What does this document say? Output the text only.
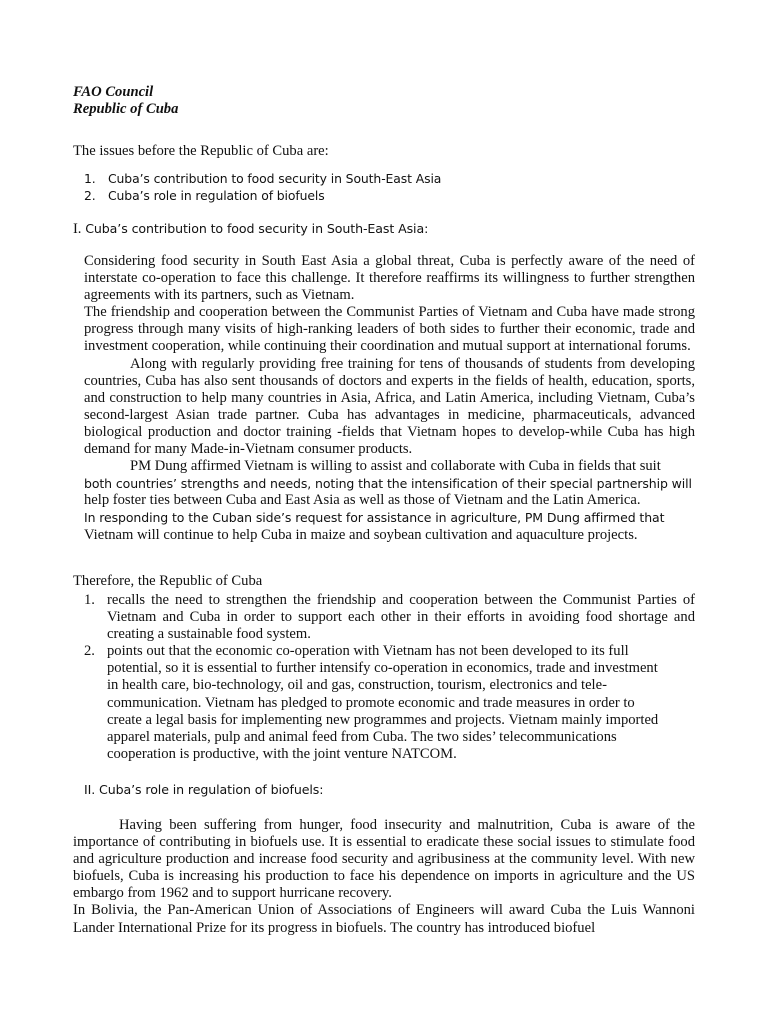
FAO Council
Republic of Cuba

The issues before the Republic of Cuba are:

1. Cuba’s contribution to food security in South-East Asia
2. Cuba’s role in regulation of biofuels

I. Cuba’s contribution to food security in South-East Asia:

Considering food security in South East Asia a global threat, Cuba is perfectly aware of the need of interstate co-operation to face this challenge. It therefore reaffirms its willingness to further strengthen agreements with its partners, such as Vietnam.
The friendship and cooperation between the Communist Parties of Vietnam and Cuba have made strong progress through many visits of high-ranking leaders of both sides to further their economic, trade and investment cooperation, while continuing their coordination and mutual support at international forums.
Along with regularly providing free training for tens of thousands of students from developing countries, Cuba has also sent thousands of doctors and experts in the fields of health, education, sports, and construction to help many countries in Asia, Africa, and Latin America, including Vietnam, Cuba’s second-largest Asian trade partner. Cuba has advantages in medicine, pharmaceuticals, advanced biological production and doctor training -fields that Vietnam hopes to develop-while Cuba has high demand for many Made-in-Vietnam consumer products.
PM Dung affirmed Vietnam is willing to assist and collaborate with Cuba in fields that suit
both countries’ strengths and needs, noting that the intensification of their special partnership will
help foster ties between Cuba and East Asia as well as those of Vietnam and the Latin America.
In responding to the Cuban side’s request for assistance in agriculture, PM Dung affirmed that
Vietnam will continue to help Cuba in maize and soybean cultivation and aquaculture projects.

Therefore, the Republic of Cuba

1. recalls the need to strengthen the friendship and cooperation between the Communist Parties of Vietnam and Cuba in order to support each other in their efforts in avoiding food shortage and creating a sustainable food system.
2. points out that the economic co-operation with Vietnam has not been developed to its full potential, so it is essential to further intensify co-operation in economics, trade and investment in health care, bio-technology, oil and gas, construction, tourism, electronics and tele-communication. Vietnam has pledged to promote economic and trade measures in order to create a legal basis for implementing new programmes and projects. Vietnam mainly imported apparel materials, pulp and animal feed from Cuba. The two sides’ telecommunications cooperation is productive, with the joint venture NATCOM.

II. Cuba’s role in regulation of biofuels:

Having been suffering from hunger, food insecurity and malnutrition, Cuba is aware of the importance of contributing in biofuels use. It is essential to eradicate these social issues to stimulate food and agriculture production and increase food security and agribusiness at the community level. With new biofuels, Cuba is increasing his production to face his dependence on imports in agriculture and the US embargo from 1962 and to support hurricane recovery.
In Bolivia, the Pan-American Union of Associations of Engineers will award Cuba the Luis Wannoni Lander International Prize for its progress in biofuels. The country has introduced biofuel
